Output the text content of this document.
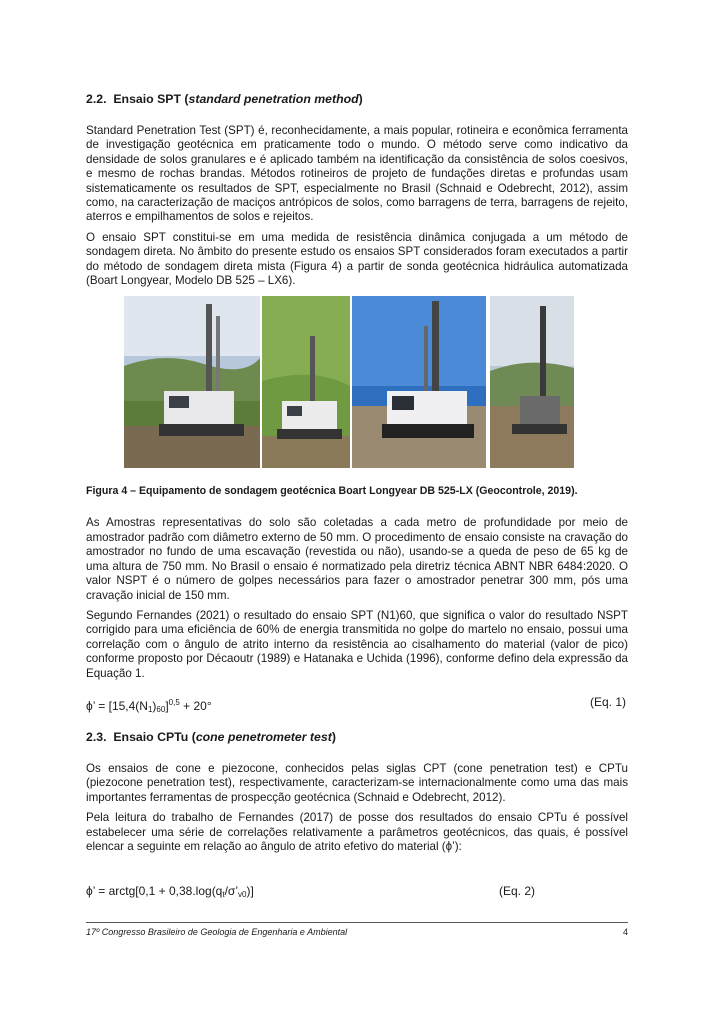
2.2. Ensaio SPT (standard penetration method)

Standard Penetration Test (SPT) é, reconhecidamente, a mais popular, rotineira e econômica ferramenta de investigação geotécnica em praticamente todo o mundo. O método serve como indicativo da densidade de solos granulares e é aplicado também na identificação da consistência de solos coesivos, e mesmo de rochas brandas. Métodos rotineiros de projeto de fundações diretas e profundas usam sistematicamente os resultados de SPT, especialmente no Brasil (Schnaid e Odebrecht, 2012), assim como, na caracterização de maciços antrópicos de solos, como barragens de terra, barragens de rejeito, aterros e empilhamentos de solos e rejeitos.

O ensaio SPT constitui-se em uma medida de resistência dinâmica conjugada a um método de sondagem direta. No âmbito do presente estudo os ensaios SPT considerados foram executados a partir do método de sondagem direta mista (Figura 4) a partir de sonda geotécnica hidráulica automatizada (Boart Longyear, Modelo DB 525 – LX6).

Figura 4 – Equipamento de sondagem geotécnica Boart Longyear DB 525-LX (Geocontrole, 2019).

As Amostras representativas do solo são coletadas a cada metro de profundidade por meio de amostrador padrão com diâmetro externo de 50 mm. O procedimento de ensaio consiste na cravação do amostrador no fundo de uma escavação (revestida ou não), usando-se a queda de peso de 65 kg de uma altura de 750 mm. No Brasil o ensaio é normatizado pela diretriz técnica ABNT NBR 6484:2020. O valor NSPT é o número de golpes necessários para fazer o amostrador penetrar 300 mm, pós uma cravação inicial de 150 mm.

Segundo Fernandes (2021) o resultado do ensaio SPT (N1)60, que significa o valor do resultado NSPT corrigido para uma eficiência de 60% de energia transmitida no golpe do martelo no ensaio, possui uma correlação com o ângulo de atrito interno da resistência ao cisalhamento do material (valor de pico) conforme proposto por Décaoutr (1989) e Hatanaka e Uchida (1996), conforme defino dela expressão da Equação 1.

ϕ’ = $[15,4(N_1)_{60}]^{0,5} + 20^\circ$	(Eq. 1)
2.3. Ensaio CPTu (cone penetrometer test)

Os ensaios de cone e piezocone, conhecidos pelas siglas CPT (cone penetration test) e CPTu (piezocone penetration test), respectivamente, caracterizam-se internacionalmente como uma das mais importantes ferramentas de prospecção geotécnica (Schnaid e Odebrecht, 2012).

Pela leitura do trabalho de Fernandes (2017) de posse dos resultados do ensaio CPTu é possível estabelecer uma série de correlações relativamente a parâmetros geotécnicos, das quais, é possível elencar a seguinte em relação ao ângulo de atrito efetivo do material (ϕ’):

ϕ’ = arctg[0,1 + $0,38.\log(q_t/\sigma’_{v0})$]	(Eq. 2)
17º Congresso Brasileiro de Geologia de Engenharia e Ambiental	4
